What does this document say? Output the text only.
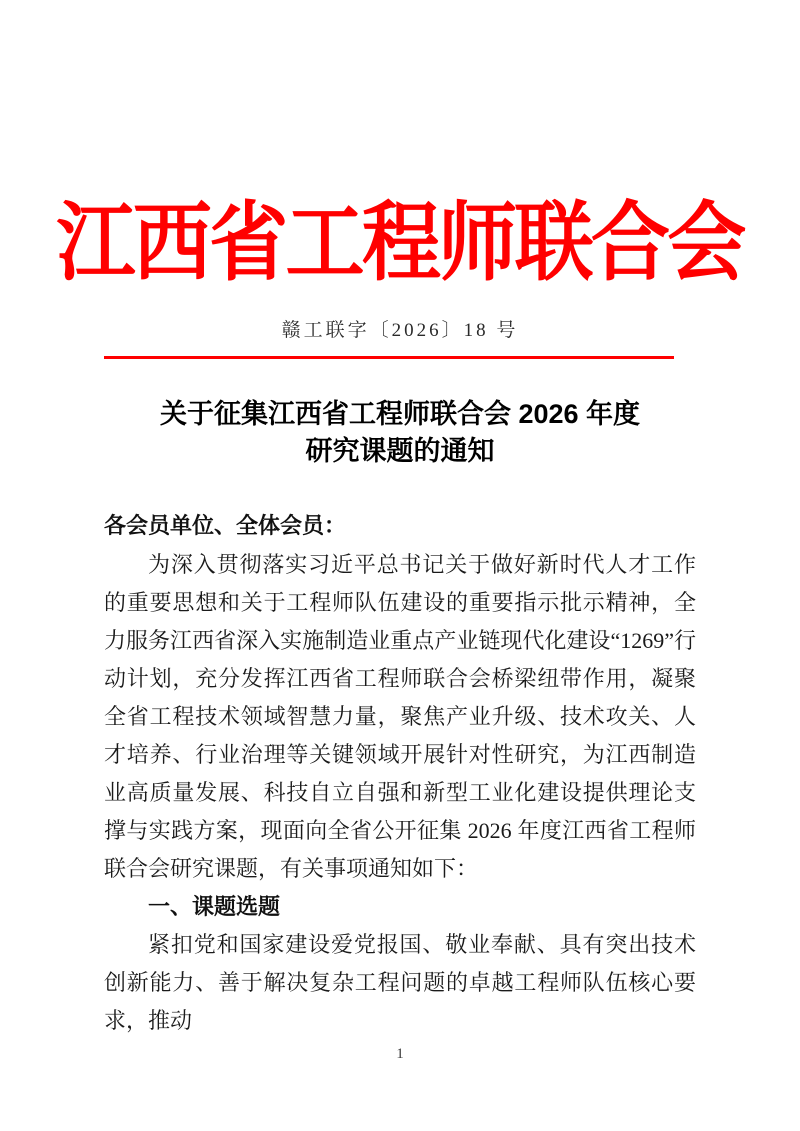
江西省工程师联合会
赣工联字〔2026〕18 号
关于征集江西省工程师联合会 2026 年度
研究课题的通知

各会员单位、全体会员：

为深入贯彻落实习近平总书记关于做好新时代人才工作的重要思想和关于工程师队伍建设的重要指示批示精神，全力服务江西省深入实施制造业重点产业链现代化建设“1269”行动计划，充分发挥江西省工程师联合会桥梁纽带作用，凝聚全省工程技术领域智慧力量，聚焦产业升级、技术攻关、人才培养、行业治理等关键领域开展针对性研究，为江西制造业高质量发展、科技自立自强和新型工业化建设提供理论支撑与实践方案，现面向全省公开征集 2026 年度江西省工程师联合会研究课题，有关事项通知如下：

一、课题选题

紧扣党和国家建设爱党报国、敬业奉献、具有突出技术创新能力、善于解决复杂工程问题的卓越工程师队伍核心要求，推动

1
